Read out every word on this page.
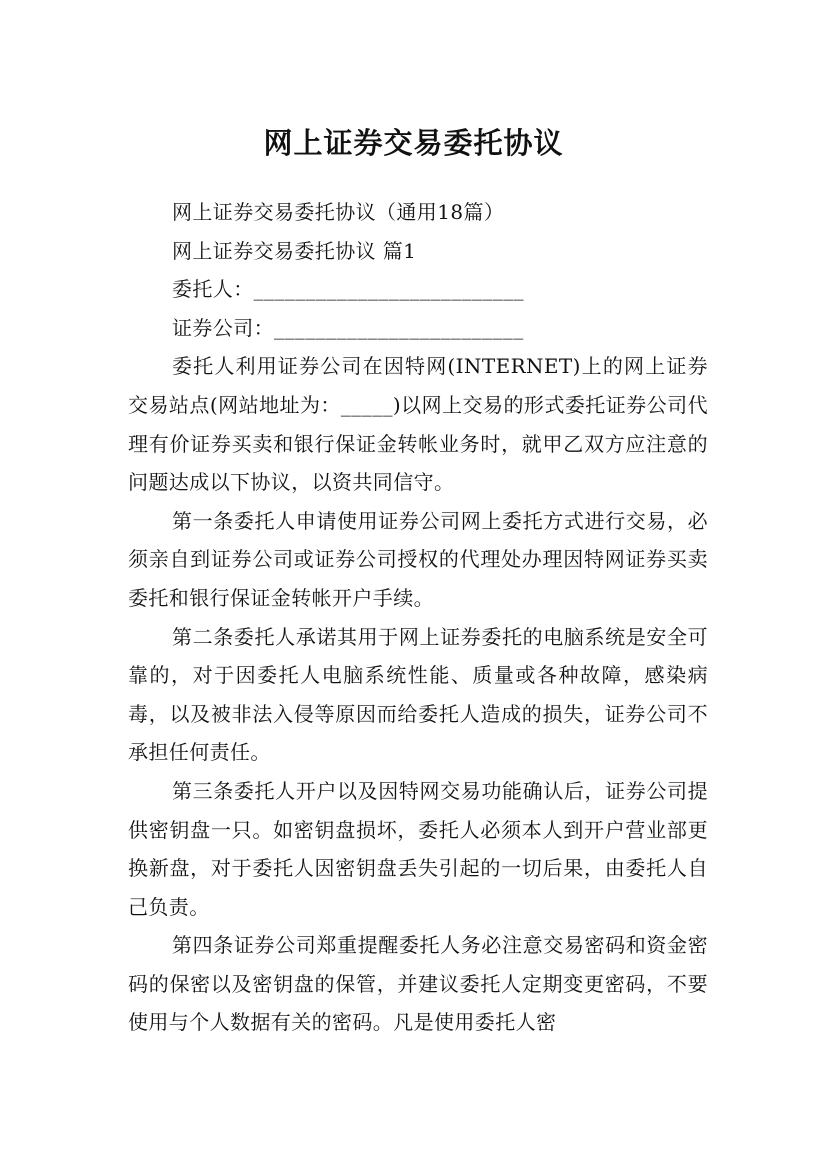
网上证券交易委托协议

网上证券交易委托协议（通用18篇）

网上证券交易委托协议 篇1

委托人：__________________________

证券公司：________________________

委托人利用证券公司在因特网(INTERNET)上的网上证券交易站点(网站地址为：_____)以网上交易的形式委托证券公司代理有价证券买卖和银行保证金转帐业务时，就甲乙双方应注意的问题达成以下协议，以资共同信守。

第一条委托人申请使用证券公司网上委托方式进行交易，必须亲自到证券公司或证券公司授权的代理处办理因特网证券买卖委托和银行保证金转帐开户手续。

第二条委托人承诺其用于网上证券委托的电脑系统是安全可靠的，对于因委托人电脑系统性能、质量或各种故障，感染病毒，以及被非法入侵等原因而给委托人造成的损失，证券公司不承担任何责任。

第三条委托人开户以及因特网交易功能确认后，证券公司提供密钥盘一只。如密钥盘损坏，委托人必须本人到开户营业部更换新盘，对于委托人因密钥盘丢失引起的一切后果，由委托人自己负责。

第四条证券公司郑重提醒委托人务必注意交易密码和资金密码的保密以及密钥盘的保管，并建议委托人定期变更密码，不要使用与个人数据有关的密码。凡是使用委托人密
